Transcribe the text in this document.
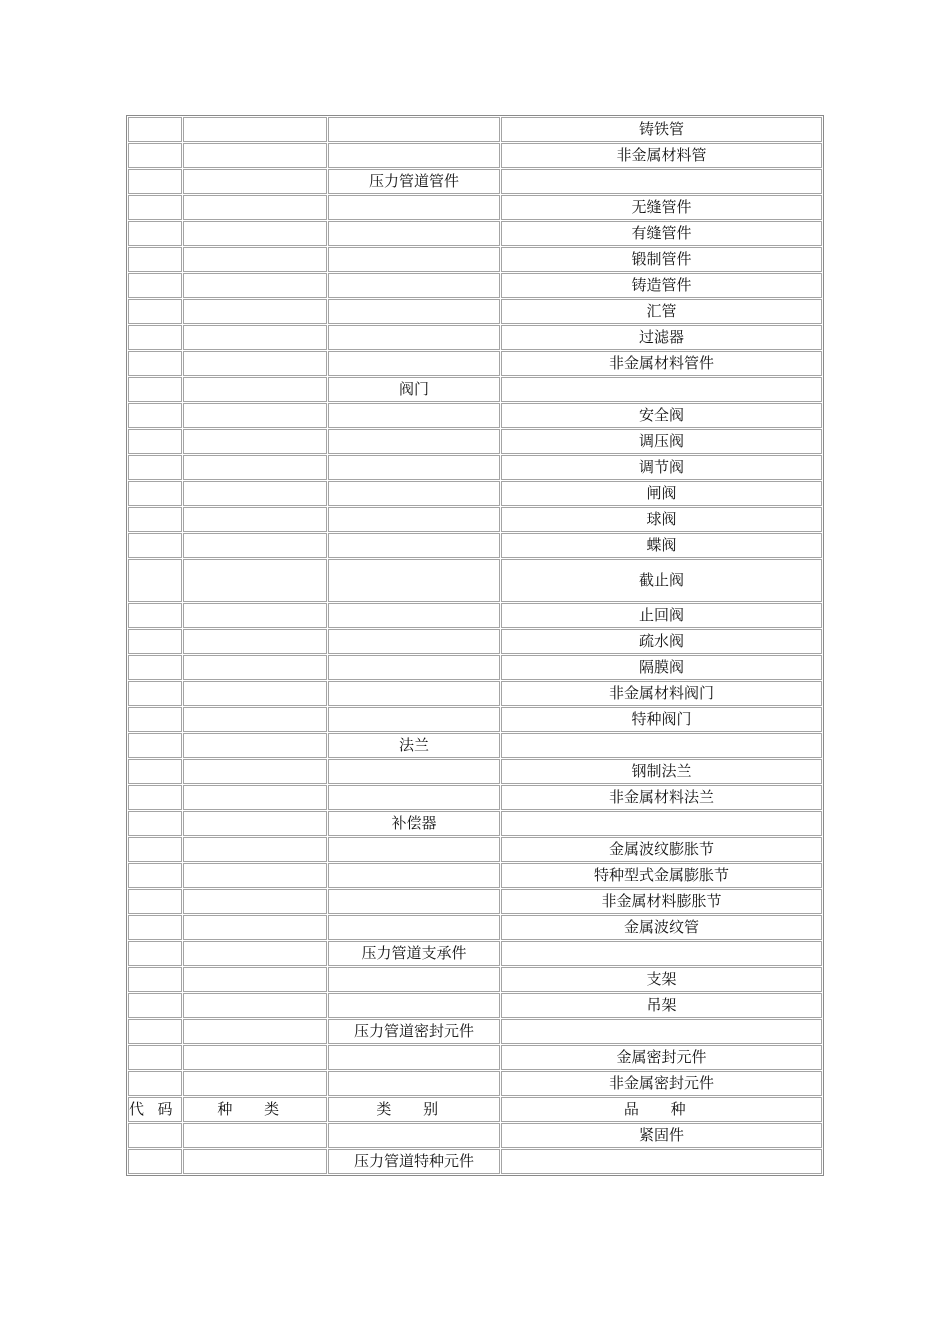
			铸铁管
			非金属材料管
		压力管道管件	
			无缝管件
			有缝管件
			锻制管件
			铸造管件
			汇管
			过滤器
			非金属材料管件
		阀门	
			安全阀
			调压阀
			调节阀
			闸阀
			球阀
			蝶阀
			截止阀
			止回阀
			疏水阀
			隔膜阀
			非金属材料阀门
			特种阀门
		法兰	
			钢制法兰
			非金属材料法兰
		补偿器	
			金属波纹膨胀节
			特种型式金属膨胀节
			非金属材料膨胀节
			金属波纹管
		压力管道支承件	
			支架
			吊架
		压力管道密封元件	
			金属密封元件
			非金属密封元件
代码	种 类	类 别	品 种
			紧固件
		压力管道特种元件	
